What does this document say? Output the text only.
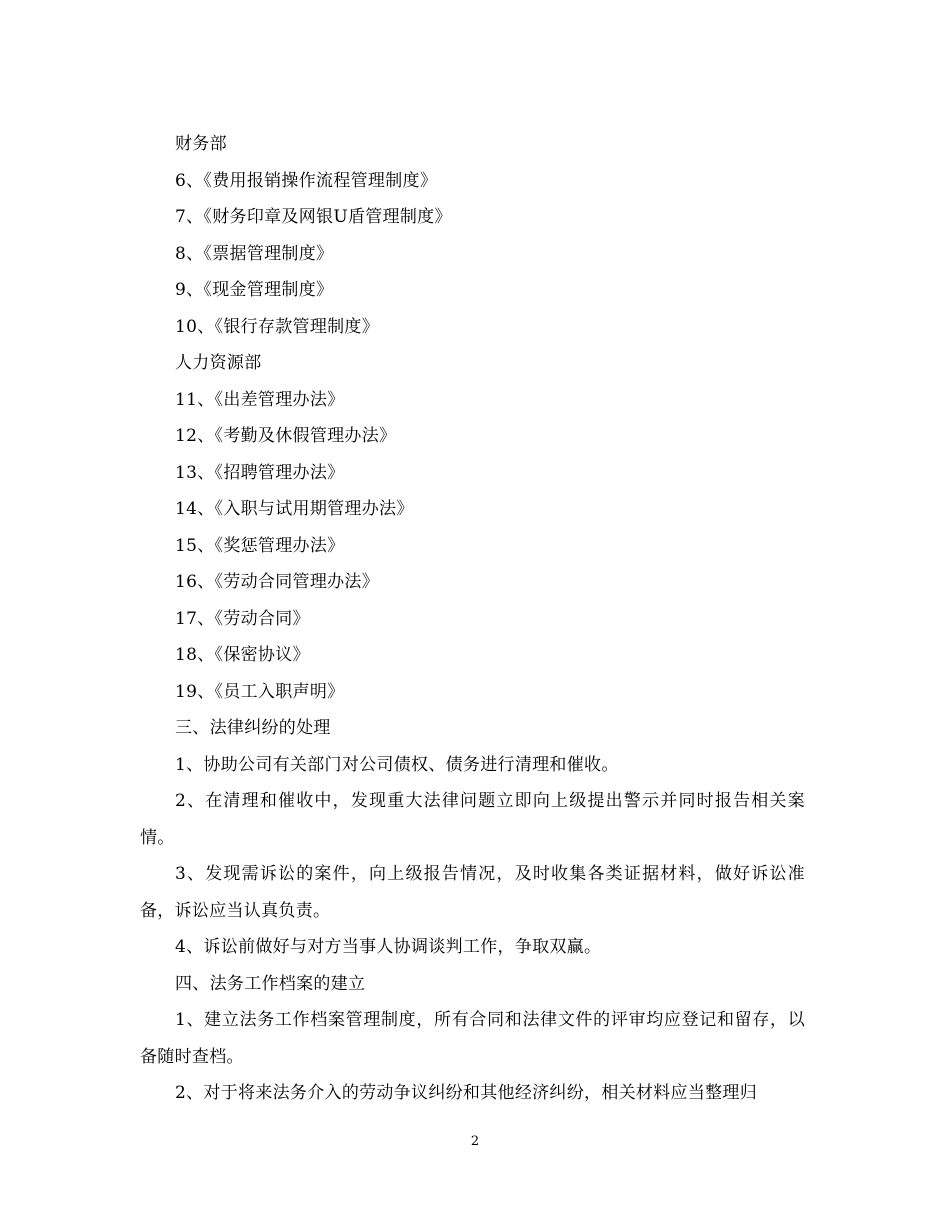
财务部
6、《费用报销操作流程管理制度》
7、《财务印章及网银U盾管理制度》
8、《票据管理制度》
9、《现金管理制度》
10、《银行存款管理制度》
人力资源部
11、《出差管理办法》
12、《考勤及休假管理办法》
13、《招聘管理办法》
14、《入职与试用期管理办法》
15、《奖惩管理办法》
16、《劳动合同管理办法》
17、《劳动合同》
18、《保密协议》
19、《员工入职声明》
三、法律纠纷的处理
1、协助公司有关部门对公司债权、债务进行清理和催收。
2、在清理和催收中，发现重大法律问题立即向上级提出警示并同时报告相关案情。
3、发现需诉讼的案件，向上级报告情况，及时收集各类证据材料，做好诉讼准备，诉讼应当认真负责。
4、诉讼前做好与对方当事人协调谈判工作，争取双赢。
四、法务工作档案的建立
1、建立法务工作档案管理制度，所有合同和法律文件的评审均应登记和留存，以备随时查档。
2、对于将来法务介入的劳动争议纠纷和其他经济纠纷，相关材料应当整理归
2
